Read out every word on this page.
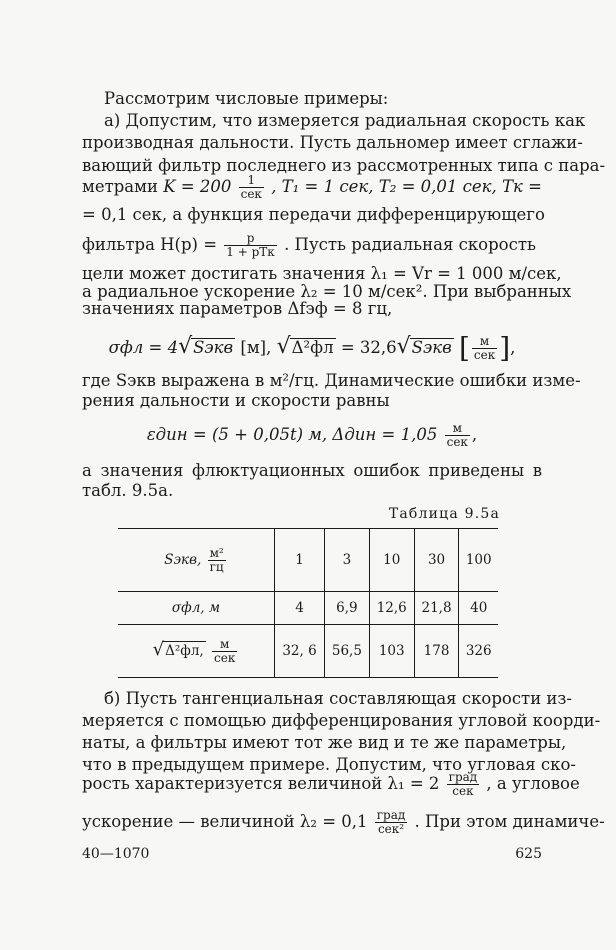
Рассмотрим числовые примеры:
а) Допустим, что измеряется радиальная скорость как
производная дальности. Пусть дальномер имеет сглажи-
вающий фильтр последнего из рассмотренных типа с пара-
метрами $K = 200 \frac{1}{\text{сек}}$ , T₁ = 1 сек, T₂ = 0,01 сек, Tк =
= 0,1 сек, а функция передачи дифференцирующего
фильтра $H(p) = \frac{p}{\text{1 + pTк}}$ . Пусть радиальная скорость
цели может достигать значения λ₁ = Vr = 1 000 м/сек,
а радиальное ускорение λ₂ = 10 м/сек². При выбранных
значениях параметров Δfэф = 8 гц,
σфл = 4√Sэкв [м], √Δ²фл = 32,6√Sэкв [ $\frac{м}{\text{сек}}$ ],
где Sэкв выражена в м²/гц. Динамические ошибки изме-
рения дальности и скорости равны
εдин = (5 + 0,05t) м, $\Delta дин = 1,05 \frac{м}{\text{сек}}$ ,
а значения флюктуационных ошибок приведены в
табл. 9.5а.
Таблица 9.5а
Sэкв, $\frac{\text{м²}}{гц}$	1	3	10	30	100
σфл, м	4	6,9	12,6	21,8	40
√Δ²фл, $\frac{м}{\text{сек}}$	32, 6	56,5	103	178	326
б) Пусть тангенциальная составляющая скорости из-
меряется с помощью дифференцирования угловой коорди-
наты, а фильтры имеют тот же вид и те же параметры,
что в предыдущем примере. Допустим, что угловая ско-
рость характеризуется величиной $\lambda_1 = 2 \frac{\text{град}}{\text{сек}}$ , а угловое
ускорение — величиной $\lambda_2 = 0,1 \frac{\text{град}}{\text{сек²}}$ . При этом динамиче-
40—1070	625
